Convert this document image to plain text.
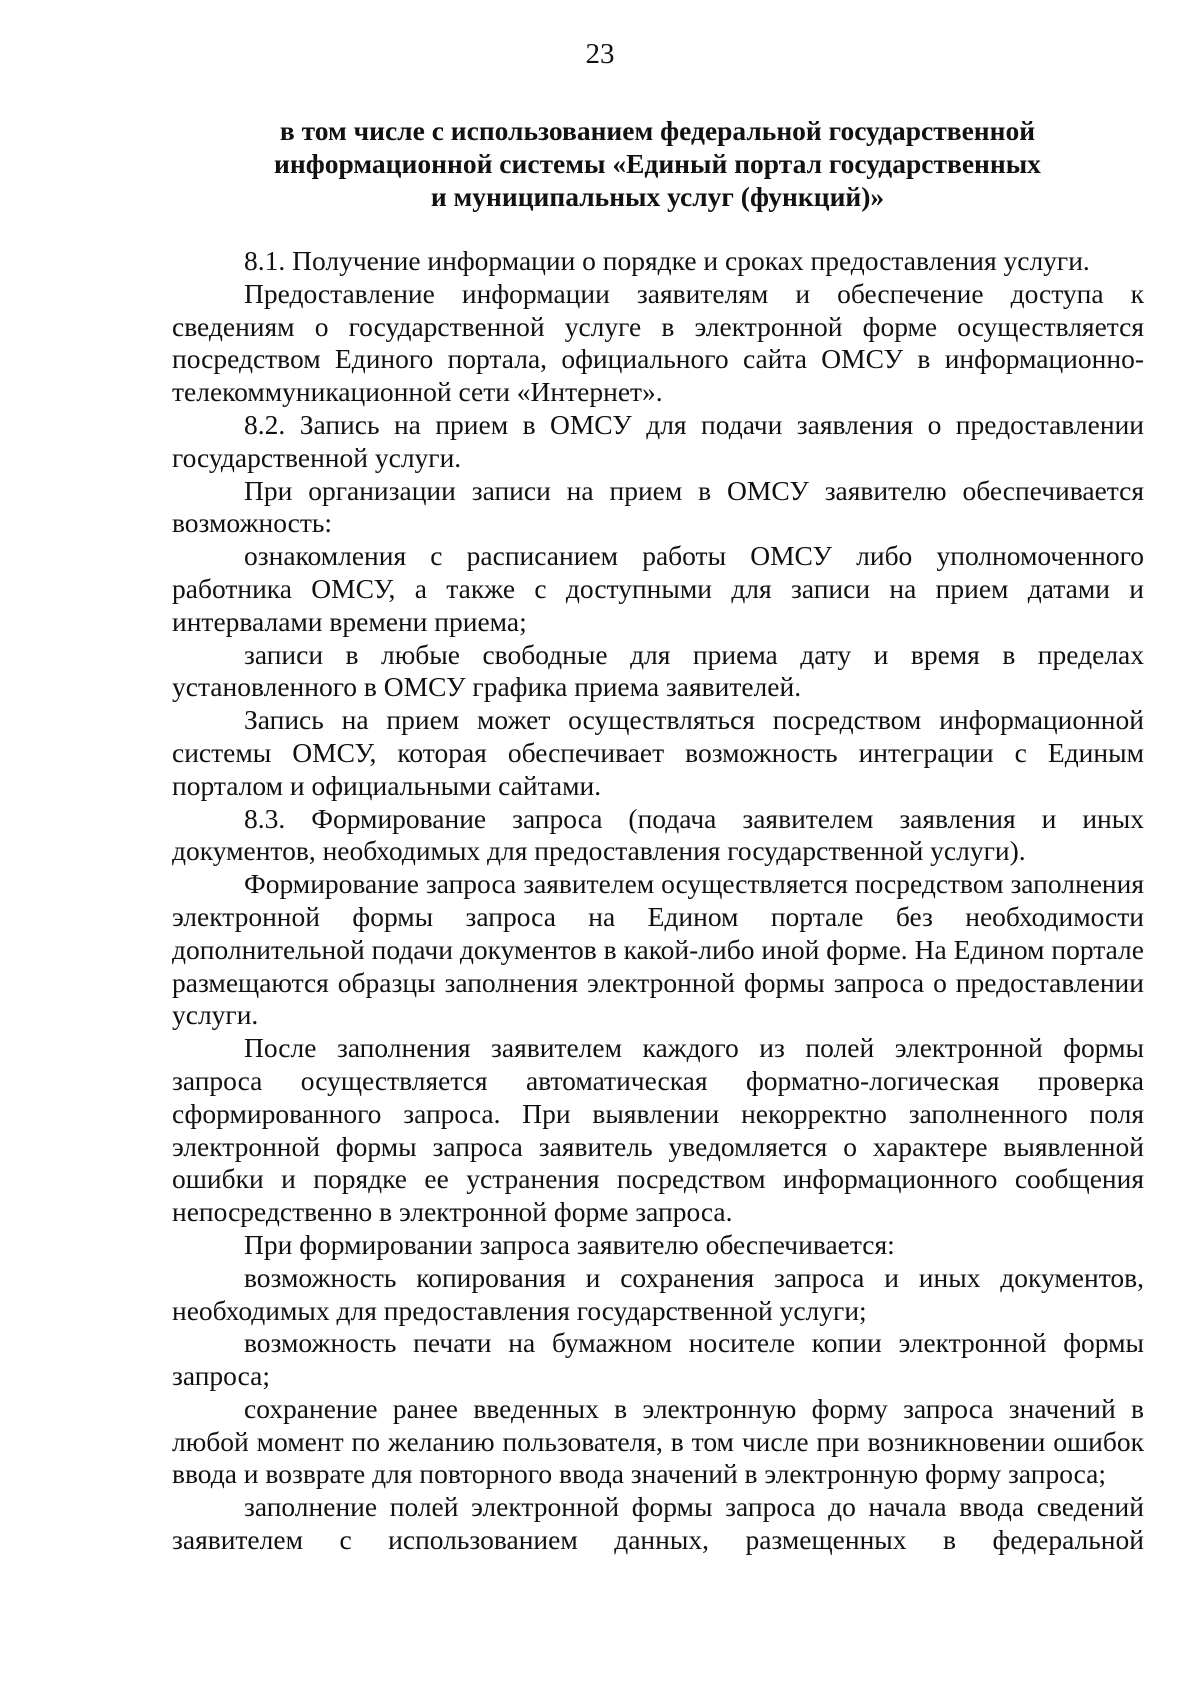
23
в том числе с использованием федеральной государственной
информационной системы «Единый портал государственных
и муниципальных услуг (функций)»

8.1. Получение информации о порядке и сроках предоставления услуги.

Предоставление информации заявителям и обеспечение доступа к сведениям о государственной услуге в электронной форме осуществляется посредством Единого портала, официального сайта ОМСУ в информационно-телекоммуникационной сети «Интернет».

8.2. Запись на прием в ОМСУ для подачи заявления о предоставлении государственной услуги.

При организации записи на прием в ОМСУ заявителю обеспечивается возможность:

ознакомления с расписанием работы ОМСУ либо уполномоченного работника ОМСУ, а также с доступными для записи на прием датами и интервалами времени приема;

записи в любые свободные для приема дату и время в пределах установленного в ОМСУ графика приема заявителей.

Запись на прием может осуществляться посредством информационной системы ОМСУ, которая обеспечивает возможность интеграции с Единым порталом и официальными сайтами.

8.3. Формирование запроса (подача заявителем заявления и иных документов, необходимых для предоставления государственной услуги).

Формирование запроса заявителем осуществляется посредством заполнения электронной формы запроса на Едином портале без необходимости дополнительной подачи документов в какой-либо иной форме. На Едином портале размещаются образцы заполнения электронной формы запроса о предоставлении услуги.

После заполнения заявителем каждого из полей электронной формы запроса осуществляется автоматическая форматно-логическая проверка сформированного запроса. При выявлении некорректно заполненного поля электронной формы запроса заявитель уведомляется о характере выявленной ошибки и порядке ее устранения посредством информационного сообщения непосредственно в электронной форме запроса.

При формировании запроса заявителю обеспечивается:

возможность копирования и сохранения запроса и иных документов, необходимых для предоставления государственной услуги;

возможность печати на бумажном носителе копии электронной формы запроса;

сохранение ранее введенных в электронную форму запроса значений в любой момент по желанию пользователя, в том числе при возникновении ошибок ввода и возврате для повторного ввода значений в электронную форму запроса;

заполнение полей электронной формы запроса до начала ввода сведений заявителем с использованием данных, размещенных в федеральной
